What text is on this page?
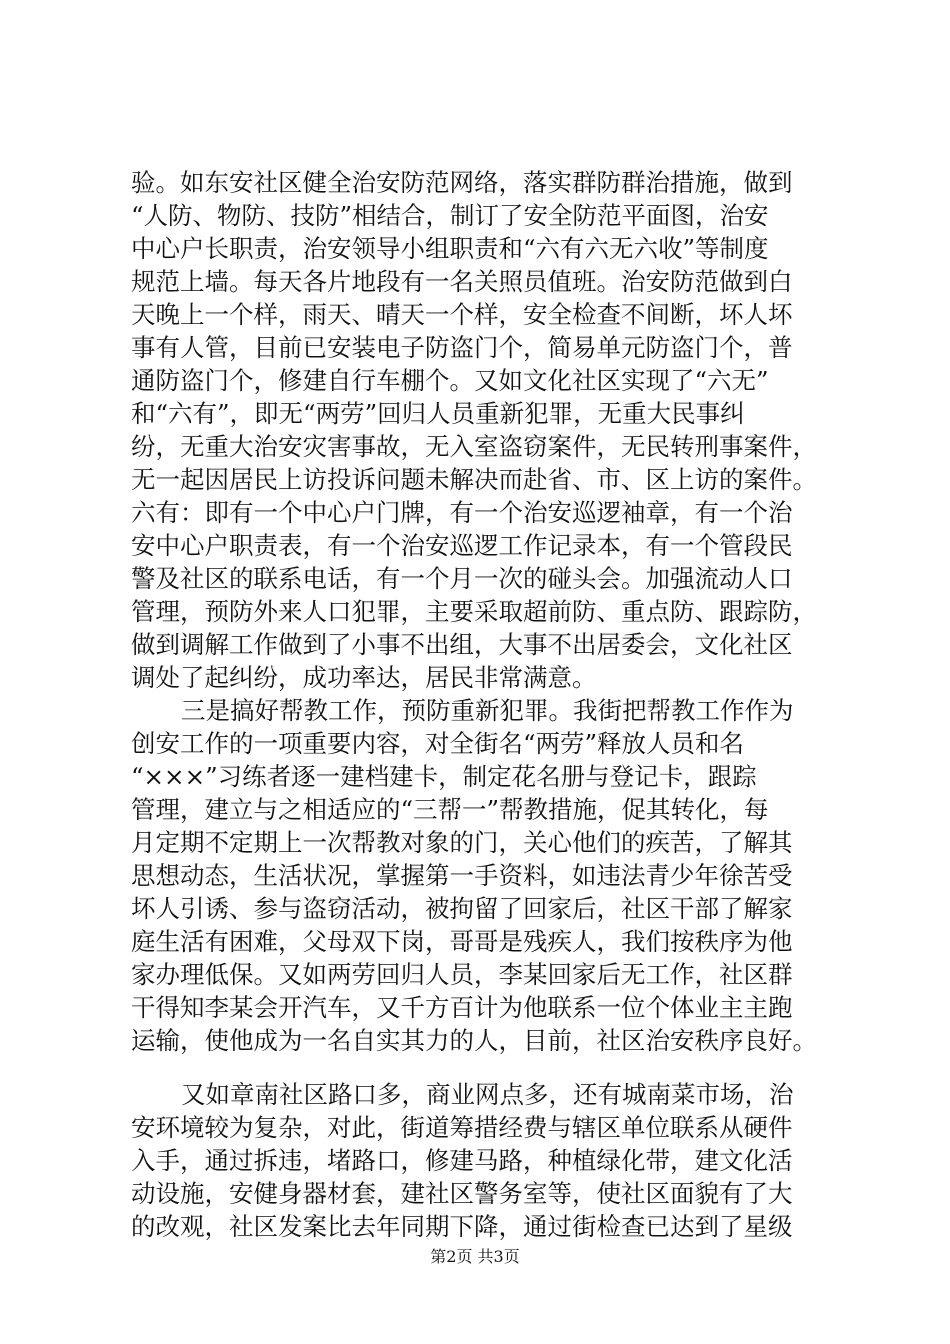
验。如东安社区健全治安防范网络，落实群防群治措施，做到
“人防、物防、技防”相结合，制订了安全防范平面图，治安
中心户长职责，治安领导小组职责和“六有六无六收”等制度
规范上墙。每天各片地段有一名关照员值班。治安防范做到白
天晚上一个样，雨天、晴天一个样，安全检查不间断，坏人坏
事有人管，目前已安装电子防盗门个，简易单元防盗门个，普
通防盗门个，修建自行车棚个。又如文化社区实现了“六无”
和“六有”，即无“两劳”回归人员重新犯罪，无重大民事纠
纷，无重大治安灾害事故，无入室盗窃案件，无民转刑事案件，
无一起因居民上访投诉问题未解决而赴省、市、区上访的案件。
六有：即有一个中心户门牌，有一个治安巡逻袖章，有一个治
安中心户职责表，有一个治安巡逻工作记录本，有一个管段民
警及社区的联系电话，有一个月一次的碰头会。加强流动人口
管理，预防外来人口犯罪，主要采取超前防、重点防、跟踪防，
做到调解工作做到了小事不出组，大事不出居委会，文化社区
调处了起纠纷，成功率达，居民非常满意。
三是搞好帮教工作，预防重新犯罪。我街把帮教工作作为
创安工作的一项重要内容，对全街名“两劳”释放人员和名
“×××”习练者逐一建档建卡，制定花名册与登记卡，跟踪
管理，建立与之相适应的“三帮一”帮教措施，促其转化，每
月定期不定期上一次帮教对象的门，关心他们的疾苦，了解其
思想动态，生活状况，掌握第一手资料，如违法青少年徐苦受
坏人引诱、参与盗窃活动，被拘留了回家后，社区干部了解家
庭生活有困难，父母双下岗，哥哥是残疾人，我们按秩序为他
家办理低保。又如两劳回归人员，李某回家后无工作，社区群
干得知李某会开汽车，又千方百计为他联系一位个体业主主跑
运输，使他成为一名自实其力的人，目前，社区治安秩序良好。
又如章南社区路口多，商业网点多，还有城南菜市场，治
安环境较为复杂，对此，街道筹措经费与辖区单位联系从硬件
入手，通过拆违，堵路口，修建马路，种植绿化带，建文化活
动设施，安健身器材套，建社区警务室等，使社区面貌有了大
的改观，社区发案比去年同期下降，通过街检查已达到了星级
第2页 共3页
